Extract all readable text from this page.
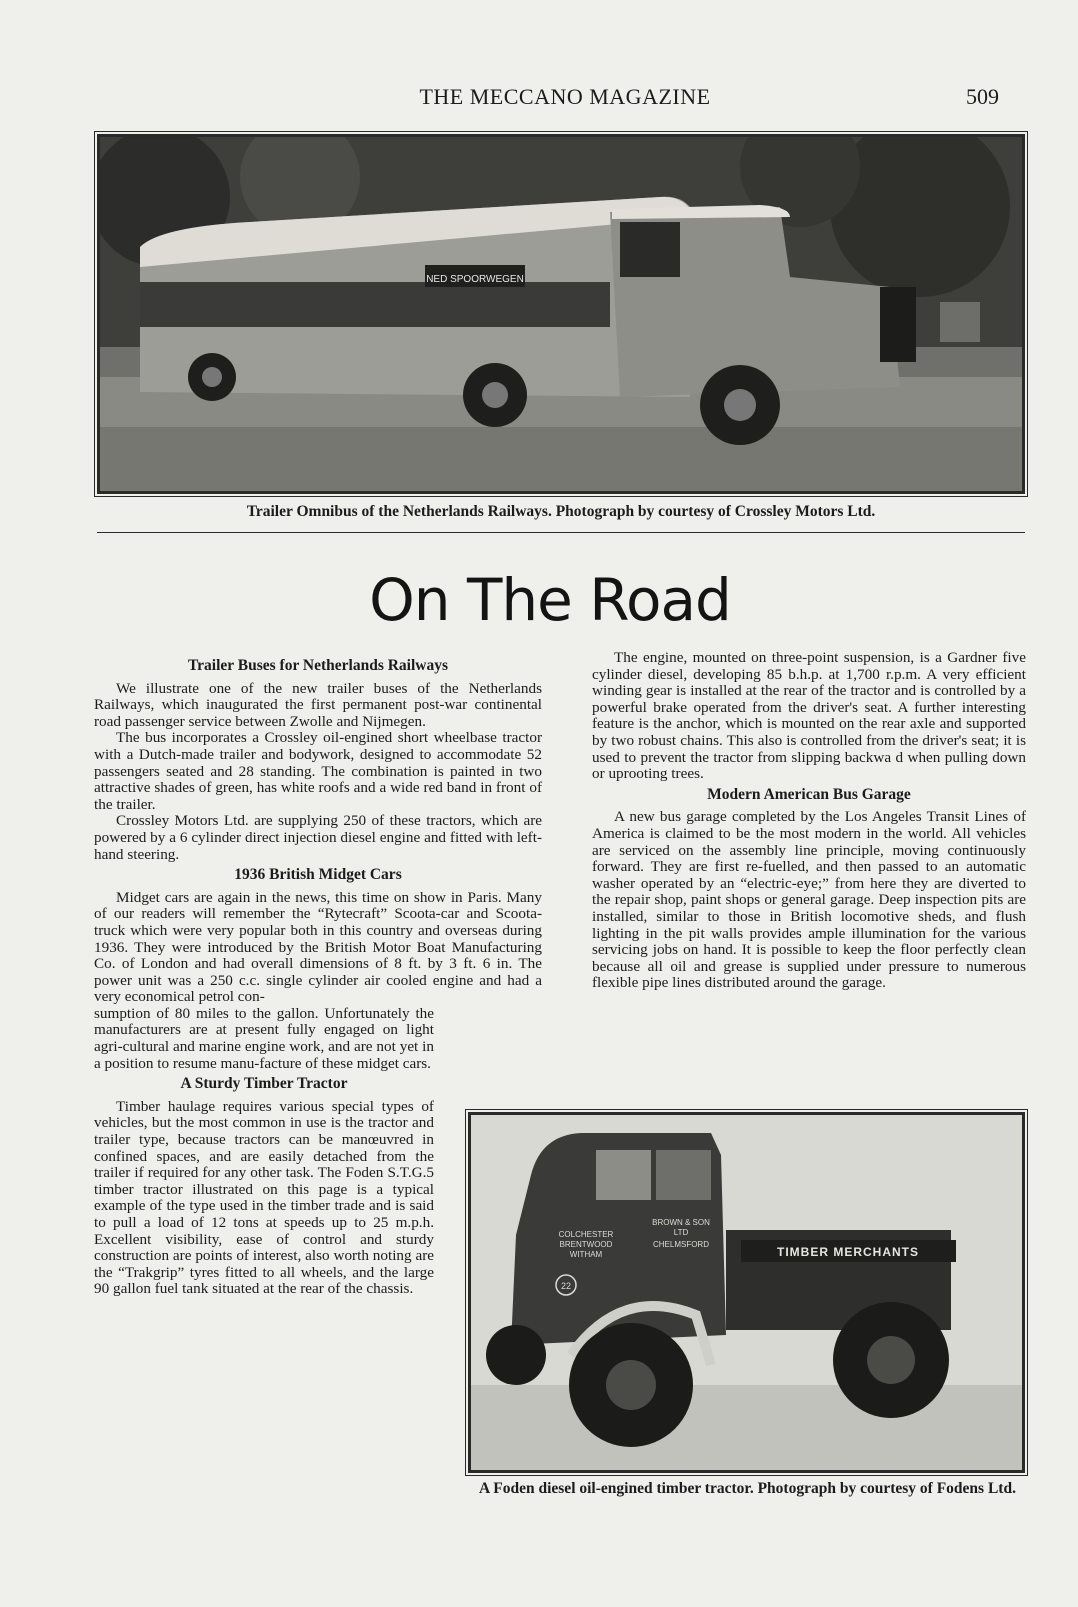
THE MECCANO MAGAZINE	509
NED SPOORWEGEN
Trailer Omnibus of the Netherlands Railways. Photograph by courtesy of Crossley Motors Ltd.
On The Road
Trailer Buses for Netherlands Railways

We illustrate one of the new trailer buses of the Netherlands Railways, which inaugurated the first permanent post-war continental road passenger service between Zwolle and Nijmegen.

The bus incorporates a Crossley oil-engined short wheelbase tractor with a Dutch-made trailer and bodywork, designed to accommodate 52 passengers seated and 28 standing. The combination is painted in two attractive shades of green, has white roofs and a wide red band in front of the trailer.

Crossley Motors Ltd. are supplying 250 of these tractors, which are powered by a 6 cylinder direct injection diesel engine and fitted with left-hand steering.

1936 British Midget Cars

Midget cars are again in the news, this time on show in Paris. Many of our readers will remember the “Rytecraft” Scoota-car and Scoota-truck which were very popular both in this country and overseas during 1936. They were introduced by the British Motor Boat Manufacturing Co. of London and had overall dimensions of 8 ft. by 3 ft. 6 in. The power unit was a 250 c.c. single cylinder air cooled engine and had a very economical petrol con-

sumption of 80 miles to the gallon. Unfortunately the manufacturers are at present fully engaged on light agri-cultural and marine engine work, and are not yet in a position to resume manu-facture of these midget cars.

A Sturdy Timber Tractor

Timber haulage requires various special types of vehicles, but the most common in use is the tractor and trailer type, because tractors can be manœuvred in confined spaces, and are easily detached from the trailer if required for any other task. The Foden S.T.G.5 timber tractor illustrated on this page is a typical example of the type used in the timber trade and is said to pull a load of 12 tons at speeds up to 25 m.p.h. Excellent visibility, ease of control and sturdy construction are points of interest, also worth noting are the “Trakgrip” tyres fitted to all wheels, and the large 90 gallon fuel tank situated at the rear of the chassis.

The engine, mounted on three-point suspension, is a Gardner five cylinder diesel, developing 85 b.h.p. at 1,700 r.p.m. A very efficient winding gear is installed at the rear of the tractor and is controlled by a powerful brake operated from the driver's seat. A further interesting feature is the anchor, which is mounted on the rear axle and supported by two robust chains. This also is controlled from the driver's seat; it is used to prevent the tractor from slipping backwa d when pulling down or uprooting trees.

Modern American Bus Garage

A new bus garage completed by the Los Angeles Transit Lines of America is claimed to be the most modern in the world. All vehicles are serviced on the assembly line principle, moving continuously forward. They are first re-fuelled, and then passed to an automatic washer operated by an “electric-eye;” from here they are diverted to the repair shop, paint shops or general garage. Deep inspection pits are installed, similar to those in British locomotive sheds, and flush lighting in the pit walls provides ample illumination for the various servicing jobs on hand. It is possible to keep the floor perfectly clean because all oil and grease is supplied under pressure to numerous flexible pipe lines distributed around the garage.

TIMBER MERCHANTS
COLCHESTER
BRENTWOOD
WITHAM
BROWN & SON
LTD
CHELMSFORD
22
A Foden diesel oil-engined timber tractor. Photograph by courtesy of Fodens Ltd.
